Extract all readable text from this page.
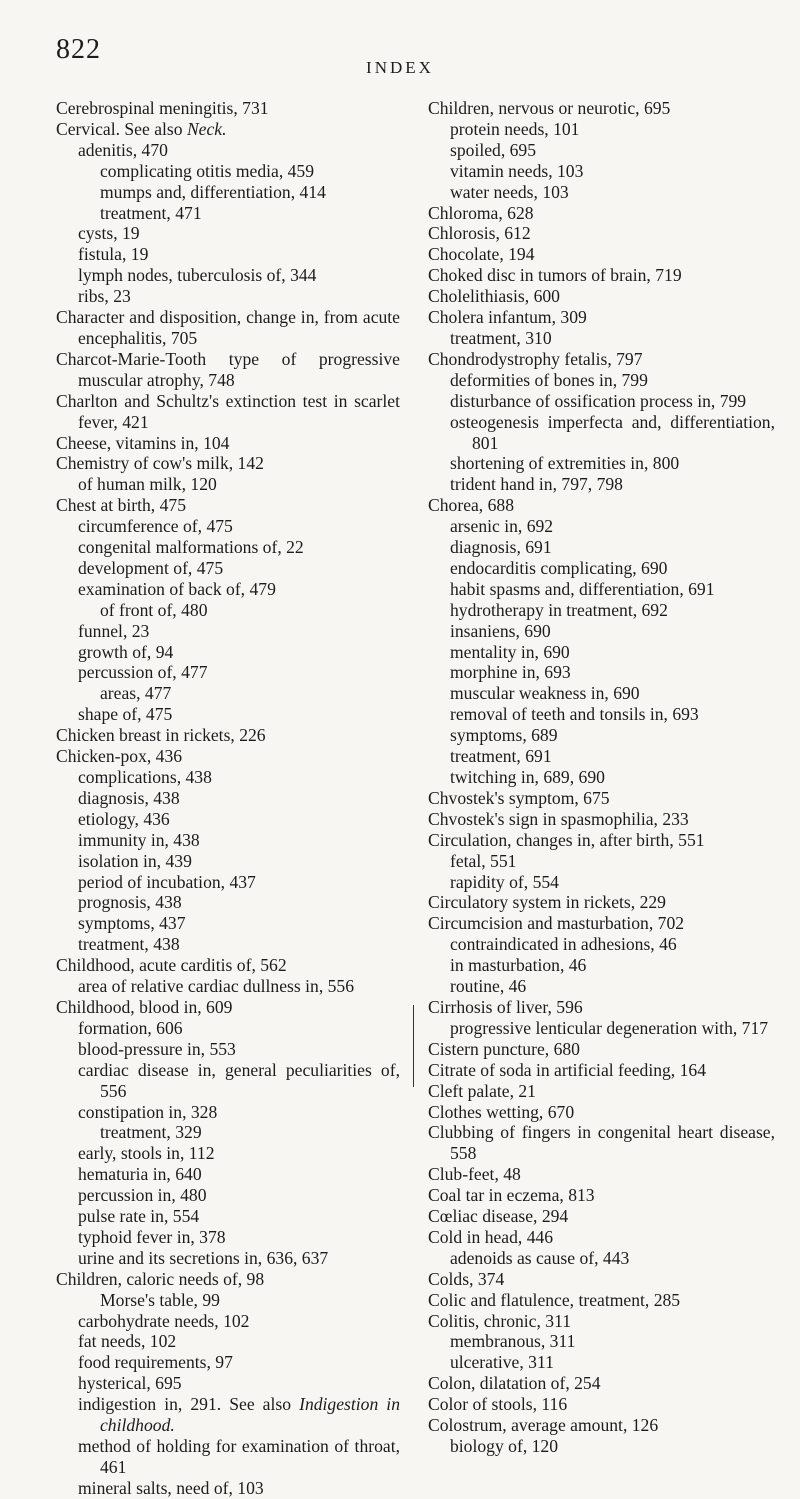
822
INDEX
Cerebrospinal meningitis, 731
Cervical. See also Neck.
adenitis, 470
complicating otitis media, 459
mumps and, differentiation, 414
treatment, 471
cysts, 19
fistula, 19
lymph nodes, tuberculosis of, 344
ribs, 23
Character and disposition, change in, from acute encephalitis, 705
Charcot-Marie-Tooth type of progressive muscular atrophy, 748
Charlton and Schultz's extinction test in scarlet fever, 421
Cheese, vitamins in, 104
Chemistry of cow's milk, 142
of human milk, 120
Chest at birth, 475
circumference of, 475
congenital malformations of, 22
development of, 475
examination of back of, 479
of front of, 480
funnel, 23
growth of, 94
percussion of, 477
areas, 477
shape of, 475
Chicken breast in rickets, 226
Chicken-pox, 436
complications, 438
diagnosis, 438
etiology, 436
immunity in, 438
isolation in, 439
period of incubation, 437
prognosis, 438
symptoms, 437
treatment, 438
Childhood, acute carditis of, 562
area of relative cardiac dullness in, 556
Childhood, blood in, 609
formation, 606
blood-pressure in, 553
cardiac disease in, general peculiarities of, 556
constipation in, 328
treatment, 329
early, stools in, 112
hematuria in, 640
percussion in, 480
pulse rate in, 554
typhoid fever in, 378
urine and its secretions in, 636, 637
Children, caloric needs of, 98
Morse's table, 99
carbohydrate needs, 102
fat needs, 102
food requirements, 97
hysterical, 695
indigestion in, 291. See also Indigestion in childhood.
method of holding for examination of throat, 461
mineral salts, need of, 103
Children, nervous or neurotic, 695
protein needs, 101
spoiled, 695
vitamin needs, 103
water needs, 103
Chloroma, 628
Chlorosis, 612
Chocolate, 194
Choked disc in tumors of brain, 719
Cholelithiasis, 600
Cholera infantum, 309
treatment, 310
Chondrodystrophy fetalis, 797
deformities of bones in, 799
disturbance of ossification process in, 799
osteogenesis imperfecta and, differentiation, 801
shortening of extremities in, 800
trident hand in, 797, 798
Chorea, 688
arsenic in, 692
diagnosis, 691
endocarditis complicating, 690
habit spasms and, differentiation, 691
hydrotherapy in treatment, 692
insaniens, 690
mentality in, 690
morphine in, 693
muscular weakness in, 690
removal of teeth and tonsils in, 693
symptoms, 689
treatment, 691
twitching in, 689, 690
Chvostek's symptom, 675
Chvostek's sign in spasmophilia, 233
Circulation, changes in, after birth, 551
fetal, 551
rapidity of, 554
Circulatory system in rickets, 229
Circumcision and masturbation, 702
contraindicated in adhesions, 46
in masturbation, 46
routine, 46
Cirrhosis of liver, 596
progressive lenticular degeneration with, 717
Cistern puncture, 680
Citrate of soda in artificial feeding, 164
Cleft palate, 21
Clothes wetting, 670
Clubbing of fingers in congenital heart disease, 558
Club-feet, 48
Coal tar in eczema, 813
Cœliac disease, 294
Cold in head, 446
adenoids as cause of, 443
Colds, 374
Colic and flatulence, treatment, 285
Colitis, chronic, 311
membranous, 311
ulcerative, 311
Colon, dilatation of, 254
Color of stools, 116
Colostrum, average amount, 126
biology of, 120
